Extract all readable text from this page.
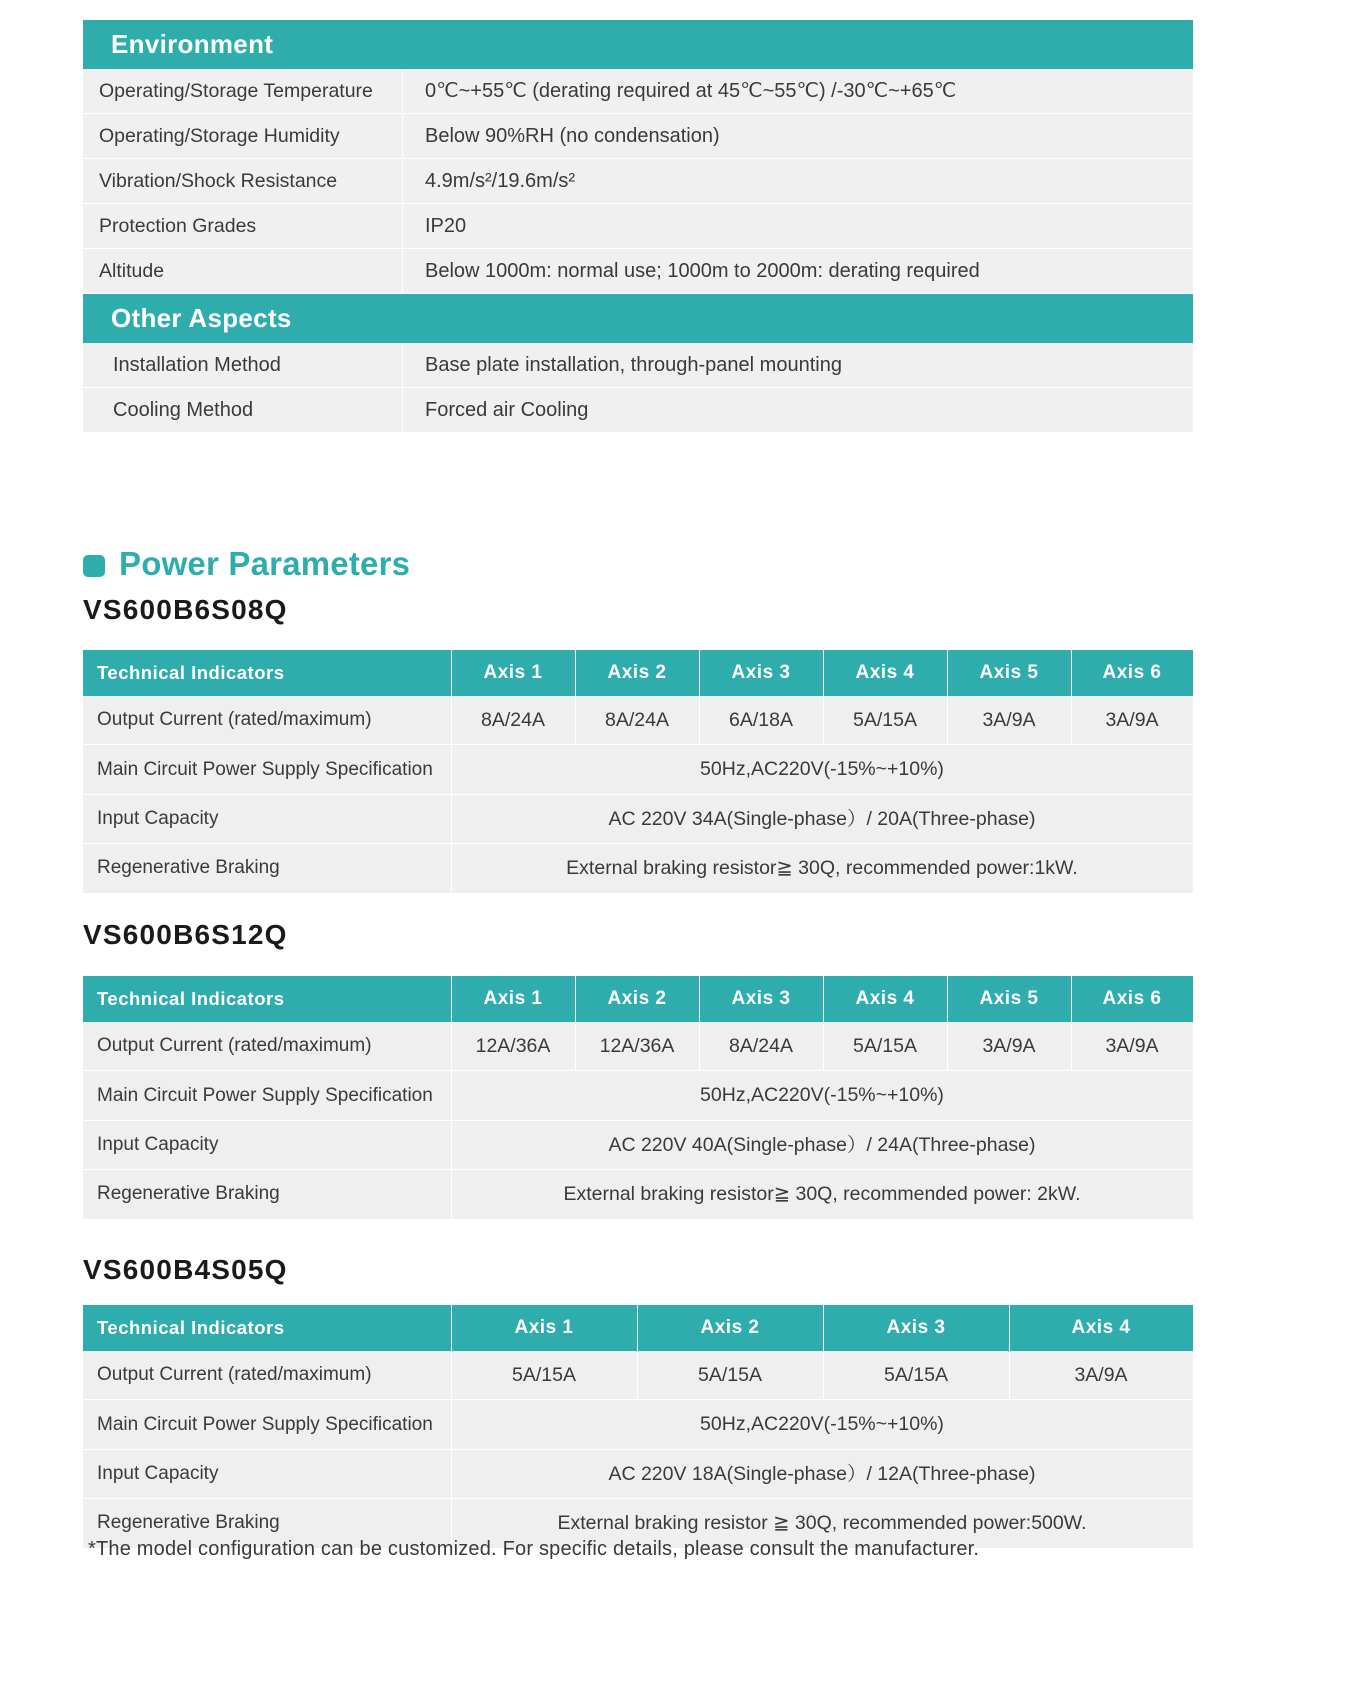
Environment
Operating/Storage Temperature	0℃~+55℃ (derating required at 45℃~55℃) /-30℃~+65℃
Operating/Storage Humidity	Below 90%RH (no condensation)
Vibration/Shock Resistance	4.9m/s²/19.6m/s²
Protection Grades	IP20
Altitude	Below 1000m: normal use; 1000m to 2000m: derating required
Other Aspects
Installation Method	Base plate installation, through-panel mounting
Cooling Method	Forced air Cooling
Power Parameters
VS600B6S08Q
Technical Indicators	Axis 1	Axis 2	Axis 3	Axis 4	Axis 5	Axis 6
Output Current (rated/maximum)	8A/24A	8A/24A	6A/18A	5A/15A	3A/9A	3A/9A
Main Circuit Power Supply Specification	50Hz,AC220V(-15%~+10%)					
Input Capacity	AC 220V 34A(Single-phase）/ 20A(Three-phase)					
Regenerative Braking	External braking resistor≧ 30Q, recommended power:1kW.					
VS600B6S12Q
Technical Indicators	Axis 1	Axis 2	Axis 3	Axis 4	Axis 5	Axis 6
Output Current (rated/maximum)	12A/36A	12A/36A	8A/24A	5A/15A	3A/9A	3A/9A
Main Circuit Power Supply Specification	50Hz,AC220V(-15%~+10%)					
Input Capacity	AC 220V 40A(Single-phase）/ 24A(Three-phase)					
Regenerative Braking	External braking resistor≧ 30Q, recommended power: 2kW.					
VS600B4S05Q
Technical Indicators	Axis 1	Axis 2	Axis 3	Axis 4
Output Current (rated/maximum)	5A/15A	5A/15A	5A/15A	3A/9A
Main Circuit Power Supply Specification	50Hz,AC220V(-15%~+10%)			
Input Capacity	AC 220V 18A(Single-phase）/ 12A(Three-phase)			
Regenerative Braking	External braking resistor ≧ 30Q, recommended power:500W.			
*The model configuration can be customized. For specific details, please consult the manufacturer.
